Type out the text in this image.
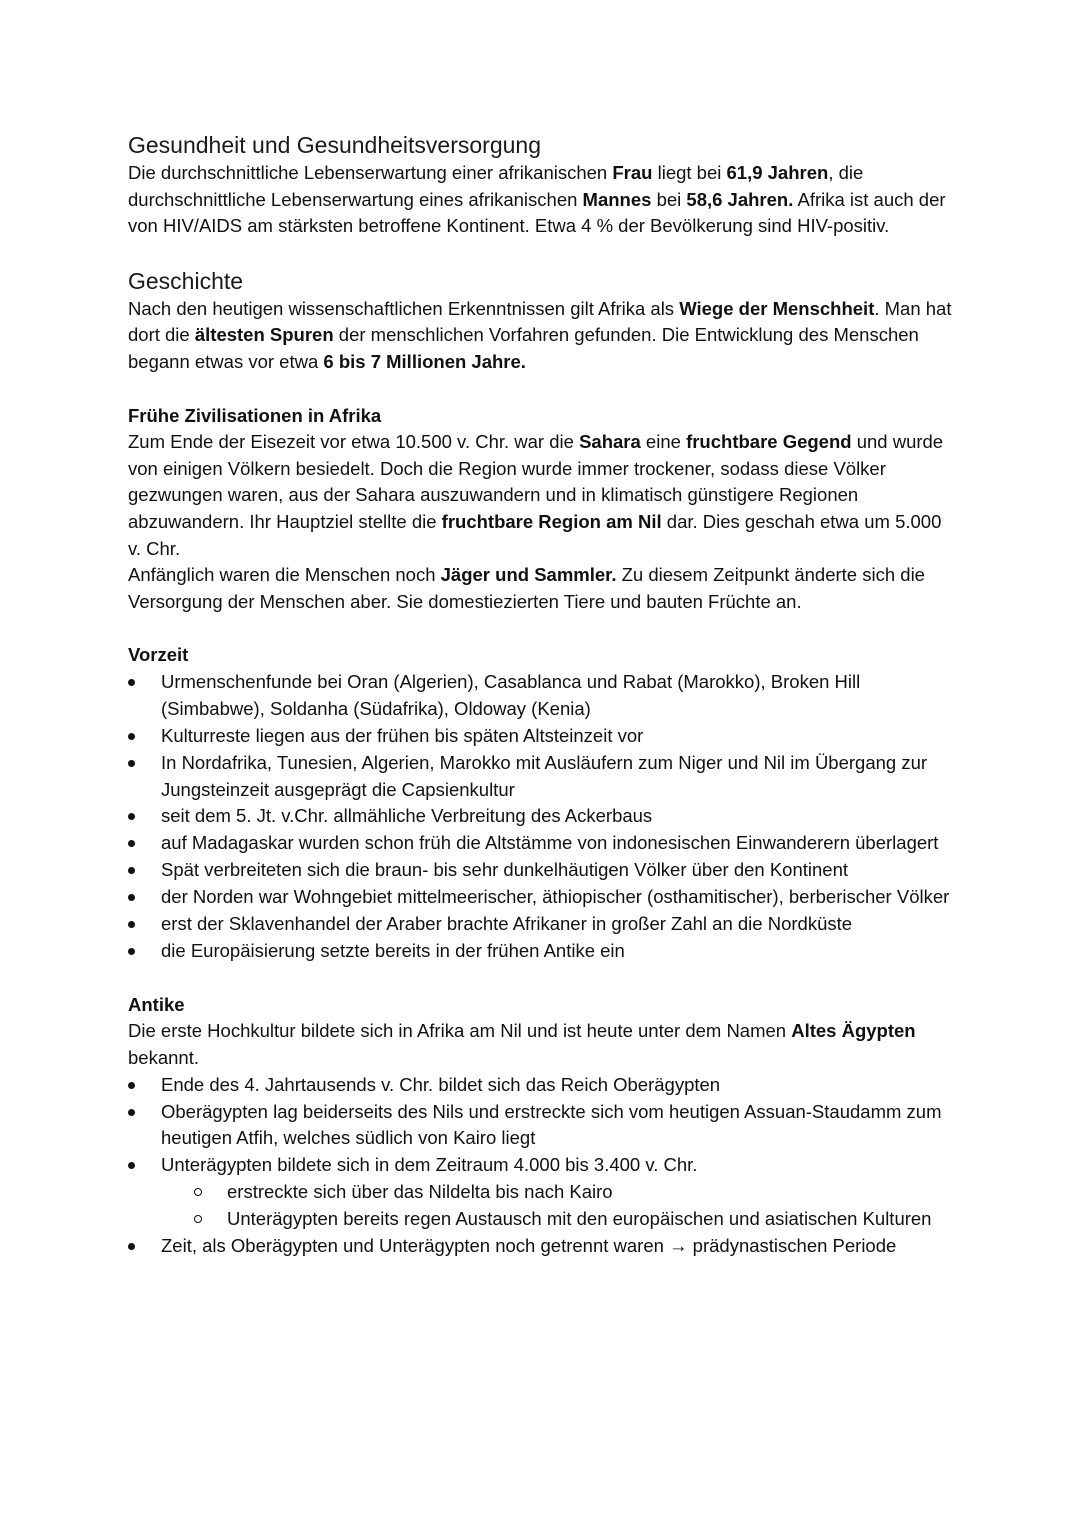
Gesundheit und Gesundheitsversorgung

Die durchschnittliche Lebenserwartung einer afrikanischen Frau liegt bei 61,9 Jahren, die durchschnittliche Lebenserwartung eines afrikanischen Mannes bei 58,6 Jahren. Afrika ist auch der von HIV/AIDS am stärksten betroffene Kontinent. Etwa 4 % der Bevölkerung sind HIV-positiv.

Geschichte

Nach den heutigen wissenschaftlichen Erkenntnissen gilt Afrika als Wiege der Menschheit. Man hat dort die ältesten Spuren der menschlichen Vorfahren gefunden. Die Entwicklung des Menschen begann etwas vor etwa 6 bis 7 Millionen Jahre.

Frühe Zivilisationen in Afrika

Zum Ende der Eisezeit vor etwa 10.500 v. Chr. war die Sahara eine fruchtbare Gegend und wurde von einigen Völkern besiedelt. Doch die Region wurde immer trockener, sodass diese Völker gezwungen waren, aus der Sahara auszuwandern und in klimatisch günstigere Regionen abzuwandern. Ihr Hauptziel stellte die fruchtbare Region am Nil dar. Dies geschah etwa um 5.000 v. Chr.

Anfänglich waren die Menschen noch Jäger und Sammler. Zu diesem Zeitpunkt änderte sich die Versorgung der Menschen aber. Sie domestiezierten Tiere und bauten Früchte an.

Vorzeit
Urmenschenfunde bei Oran (Algerien), Casablanca und Rabat (Marokko), Broken Hill (Simbabwe), Soldanha (Südafrika), Oldoway (Kenia)
Kulturreste liegen aus der frühen bis späten Altsteinzeit vor
In Nordafrika, Tunesien, Algerien, Marokko mit Ausläufern zum Niger und Nil im Übergang zur Jungsteinzeit ausgeprägt die Capsienkultur
seit dem 5. Jt. v.Chr. allmähliche Verbreitung des Ackerbaus
auf Madagaskar wurden schon früh die Altstämme von indonesischen Einwanderern überlagert
Spät verbreiteten sich die braun- bis sehr dunkelhäutigen Völker über den Kontinent
der Norden war Wohngebiet mittelmeerischer, äthiopischer (osthamitischer), berberischer Völker
erst der Sklavenhandel der Araber brachte Afrikaner in großer Zahl an die Nordküste
die Europäisierung setzte bereits in der frühen Antike ein
Antike

Die erste Hochkultur bildete sich in Afrika am Nil und ist heute unter dem Namen Altes Ägypten bekannt.

Ende des 4. Jahrtausends v. Chr. bildet sich das Reich Oberägypten
Oberägypten lag beiderseits des Nils und erstreckte sich vom heutigen Assuan-Staudamm zum heutigen Atfih, welches südlich von Kairo liegt
Unterägypten bildete sich in dem Zeitraum 4.000 bis 3.400 v. Chr.
erstreckte sich über das Nildelta bis nach Kairo
Unterägypten bereits regen Austausch mit den europäischen und asiatischen Kulturen
Zeit, als Oberägypten und Unterägypten noch getrennt waren → prädynastischen Periode
